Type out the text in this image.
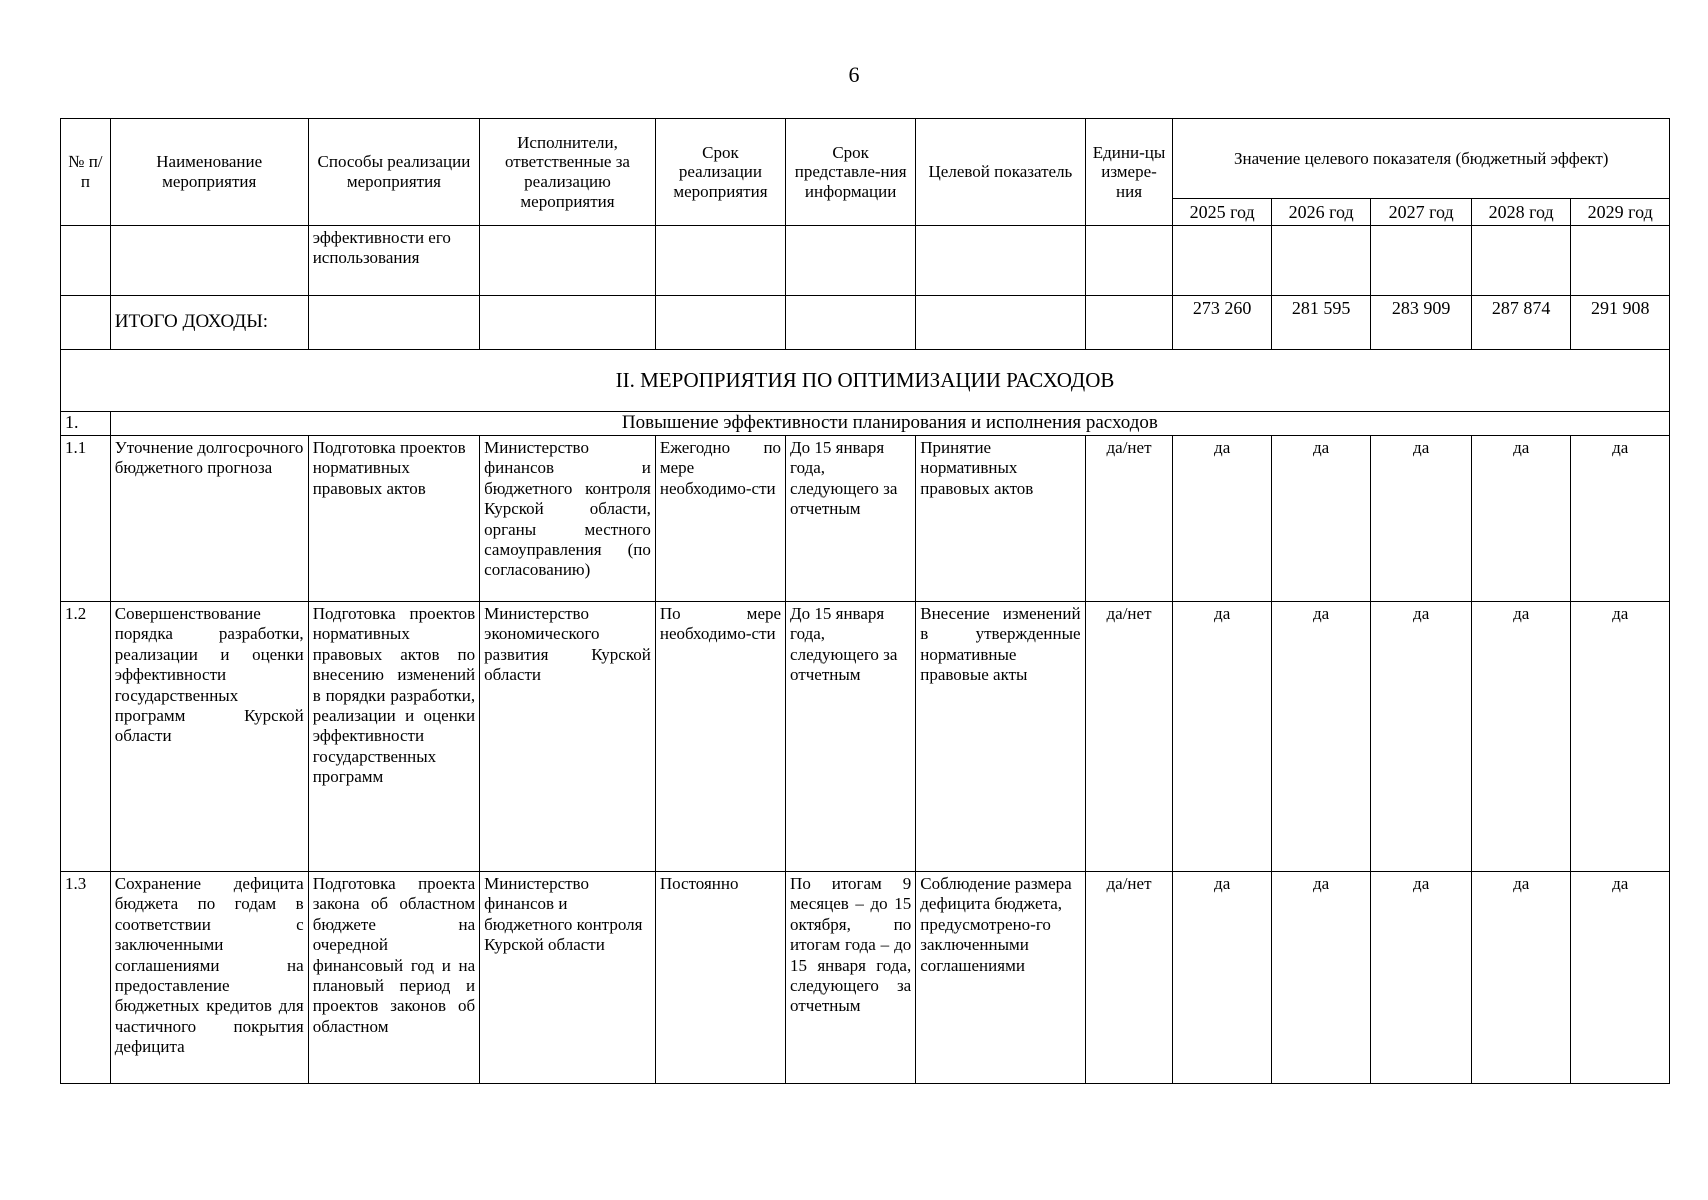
6
№ п/п	Наименование мероприятия	Способы реализации мероприятия	Исполнители, ответственные за реализацию мероприятия	Срок реализации мероприятия	Срок представле-ния информации	Целевой показатель	Едини-цы измере-ния	Значение целевого показателя (бюджетный эффект)				
								2025 год	2026 год	2027 год	2028 год	2029 год
		эффективности его использования										
	ИТОГО ДОХОДЫ:							273 260	281 595	283 909	287 874	291 908
II. МЕРОПРИЯТИЯ ПО ОПТИМИЗАЦИИ РАСХОДОВ												
1.	Повышение эффективности планирования и исполнения расходов											
1.1	Уточнение долгосрочного бюджетного прогноза	Подготовка проектов нормативных правовых актов	Министерство финансов и бюджетного контроля Курской области, органы местного самоуправления (по согласованию)	Ежегодно по мере необходимо-сти	До 15 января года, следующего за отчетным	Принятие нормативных правовых актов	да/нет	да	да	да	да	да
1.2	Совершенствование порядка разработки, реализации и оценки эффективности государственных программ Курской области	Подготовка проектов нормативных правовых актов по внесению изменений в порядки разработки, реализации и оценки эффективности государственных программ	Министерство экономического развития Курской области	По мере необходимо-сти	До 15 января года, следующего за отчетным	Внесение изменений в утвержденные нормативные правовые акты	да/нет	да	да	да	да	да
1.3	Сохранение дефицита бюджета по годам в соответствии с заключенными соглашениями на предоставление бюджетных кредитов для частичного покрытия дефицита	Подготовка проекта закона об областном бюджете на очередной финансовый год и на плановый период и проектов законов об областном	Министерство финансов и бюджетного контроля Курской области	Постоянно	По итогам 9 месяцев – до 15 октября, по итогам года – до 15 января года, следующего за отчетным	Соблюдение размера дефицита бюджета, предусмотрено-го заключенными соглашениями	да/нет	да	да	да	да	да
